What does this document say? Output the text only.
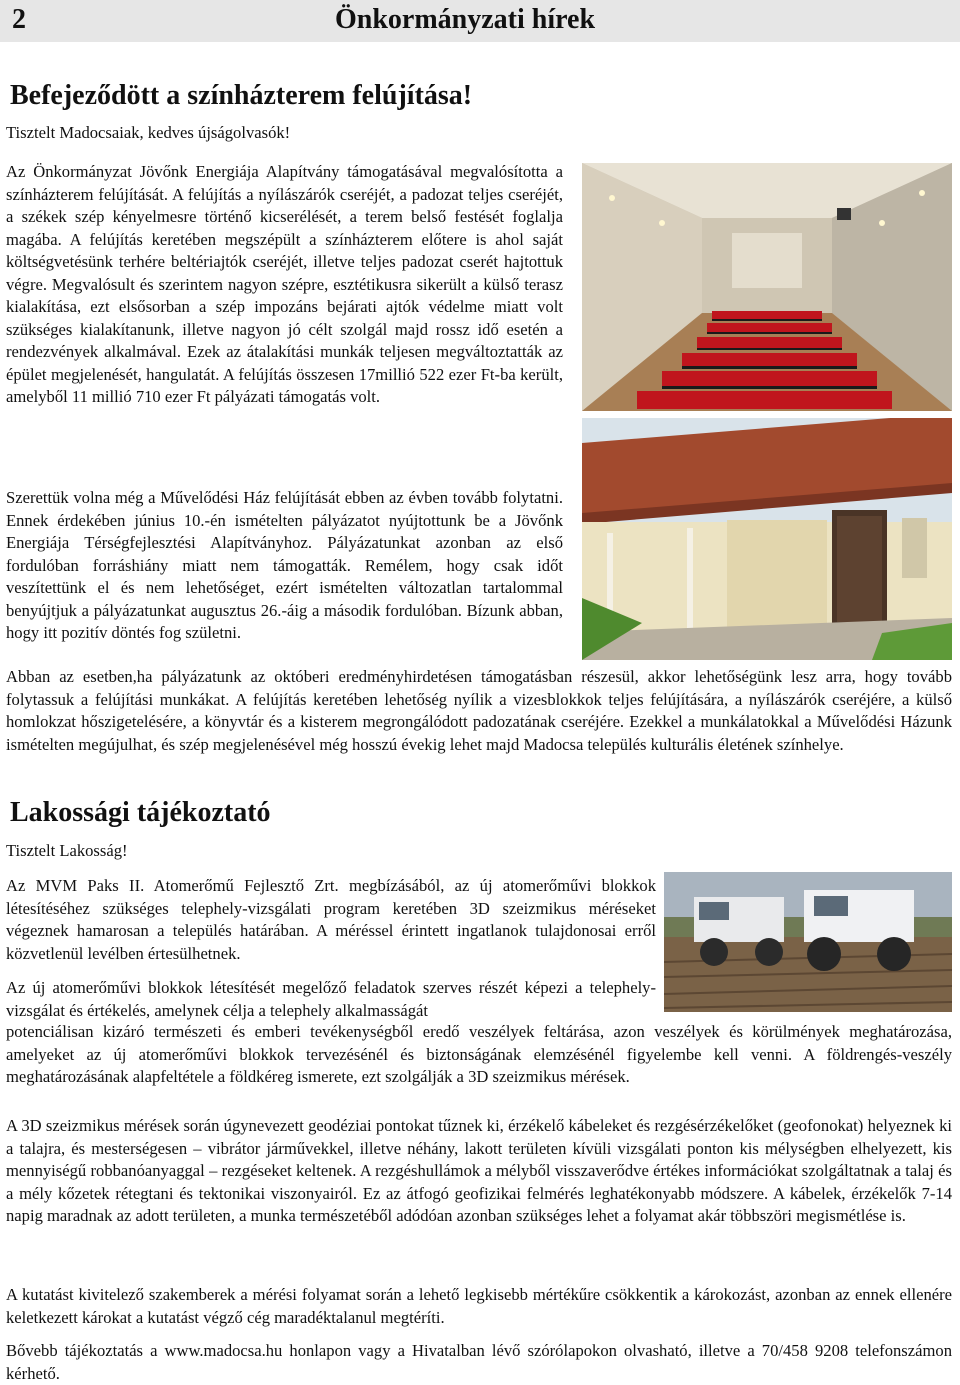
2	Önkormányzati hírek
Befejeződött a színházterem felújítása!

Tisztelt Madocsaiak, kedves újságolvasók!

Az Önkormányzat Jövőnk Energiája Alapítvány támogatásával megvalósította a színházterem felújítását. A felújítás a nyílászárók cseréjét, a padozat teljes cseréjét, a székek szép kényelmesre történő kicserélését, a terem belső festését foglalja magába. A felújítás keretében megszépült a színházterem előtere is ahol saját költségvetésünk terhére beltériajtók cseréjét, illetve teljes padozat cserét hajtottuk végre. Megvalósult és szerintem nagyon szépre, esztétikusra sikerült a külső terasz kialakítása, ezt elsősorban a szép impozáns bejárati ajtók védelme miatt volt szükséges kialakítanunk, illetve nagyon jó célt szolgál majd rossz idő esetén a rendezvények alkalmával. Ezek az átalakítási munkák teljesen megváltoztatták az épület megjelenését, hangulatát. A felújítás összesen 17millió 522 ezer Ft-ba került, amelyből 11 millió 710 ezer Ft pályázati támogatás volt.

Szerettük volna még a Művelődési Ház felújítását ebben az évben tovább folytatni. Ennek érdekében június 10.-én ismételten pályázatot nyújtottunk be a Jövőnk Energiája Térségfejlesztési Alapítványhoz. Pályázatunkat azonban az első fordulóban forráshiány miatt nem támogatták. Remélem, hogy csak időt veszítettünk el és nem lehetőséget, ezért ismételten változatlan tartalommal benyújtjuk a pályázatunkat augusztus 26.-áig a második fordulóban. Bízunk abban, hogy itt pozitív döntés fog születni.

Abban az esetben,ha pályázatunk az októberi eredményhirdetésen támogatásban részesül, akkor lehetőségünk lesz arra, hogy tovább folytassuk a felújítási munkákat. A felújítás keretében lehetőség nyílik a vizesblokkok teljes felújítására, a nyílászárók cseréjére, a külső homlokzat hőszigetelésére, a könyvtár és a kisterem megrongálódott padozatának cseréjére. Ezekkel a munkálatokkal a Művelődési Házunk ismételten megújulhat, és szép megjelenésével még hosszú évekig lehet majd Madocsa település kulturális életének színhelye.

Lakossági tájékoztató

Tisztelt Lakosság!

Az MVM Paks II. Atomerőmű Fejlesztő Zrt. megbízásából, az új atomerőművi blokkok létesítéséhez szükséges telephely-vizsgálati program keretében 3D szeizmikus méréseket végeznek hamarosan a település határában. A méréssel érintett ingatlanok tulajdonosai erről közvetlenül levélben értesülhetnek.

Az új atomerőművi blokkok létesítését megelőző feladatok szerves részét képezi a telephely-vizsgálat és értékelés, amelynek célja a telephely alkalmasságát

potenciálisan kizáró természeti és emberi tevékenységből eredő veszélyek feltárása, azon veszélyek és körülmények meghatározása, amelyeket az új atomerőművi blokkok tervezésénél és biztonságának elemzésénél figyelembe kell venni. A földrengés-veszély meghatározásának alapfeltétele a földkéreg ismerete, ezt szolgálják a 3D szeizmikus mérések.

A 3D szeizmikus mérések során úgynevezett geodéziai pontokat tűznek ki, érzékelő kábeleket és rezgésérzékelőket (geofonokat) helyeznek ki a talajra, és mesterségesen – vibrátor járművekkel, illetve néhány, lakott területen kívüli vizsgálati ponton kis mélységben elhelyezett, kis mennyiségű robbanóanyaggal – rezgéseket keltenek. A rezgéshullámok a mélyből visszaverődve értékes információkat szolgáltatnak a talaj és a mély kőzetek rétegtani és tektonikai viszonyairól. Ez az átfogó geofizikai felmérés leghatékonyabb módszere. A kábelek, érzékelők 7-14 napig maradnak az adott területen, a munka természetéből adódóan azonban szükséges lehet a folyamat akár többszöri megismétlése is.

A kutatást kivitelező szakemberek a mérési folyamat során a lehető legkisebb mértékűre csökkentik a károkozást, azonban az ennek ellenére keletkezett károkat a kutatást végző cég maradéktalanul megtéríti.

Bővebb tájékoztatás a www.madocsa.hu honlapon vagy a Hivatalban lévő szórólapokon olvasható, illetve a 70/458 9208 telefonszámon kérhető.
